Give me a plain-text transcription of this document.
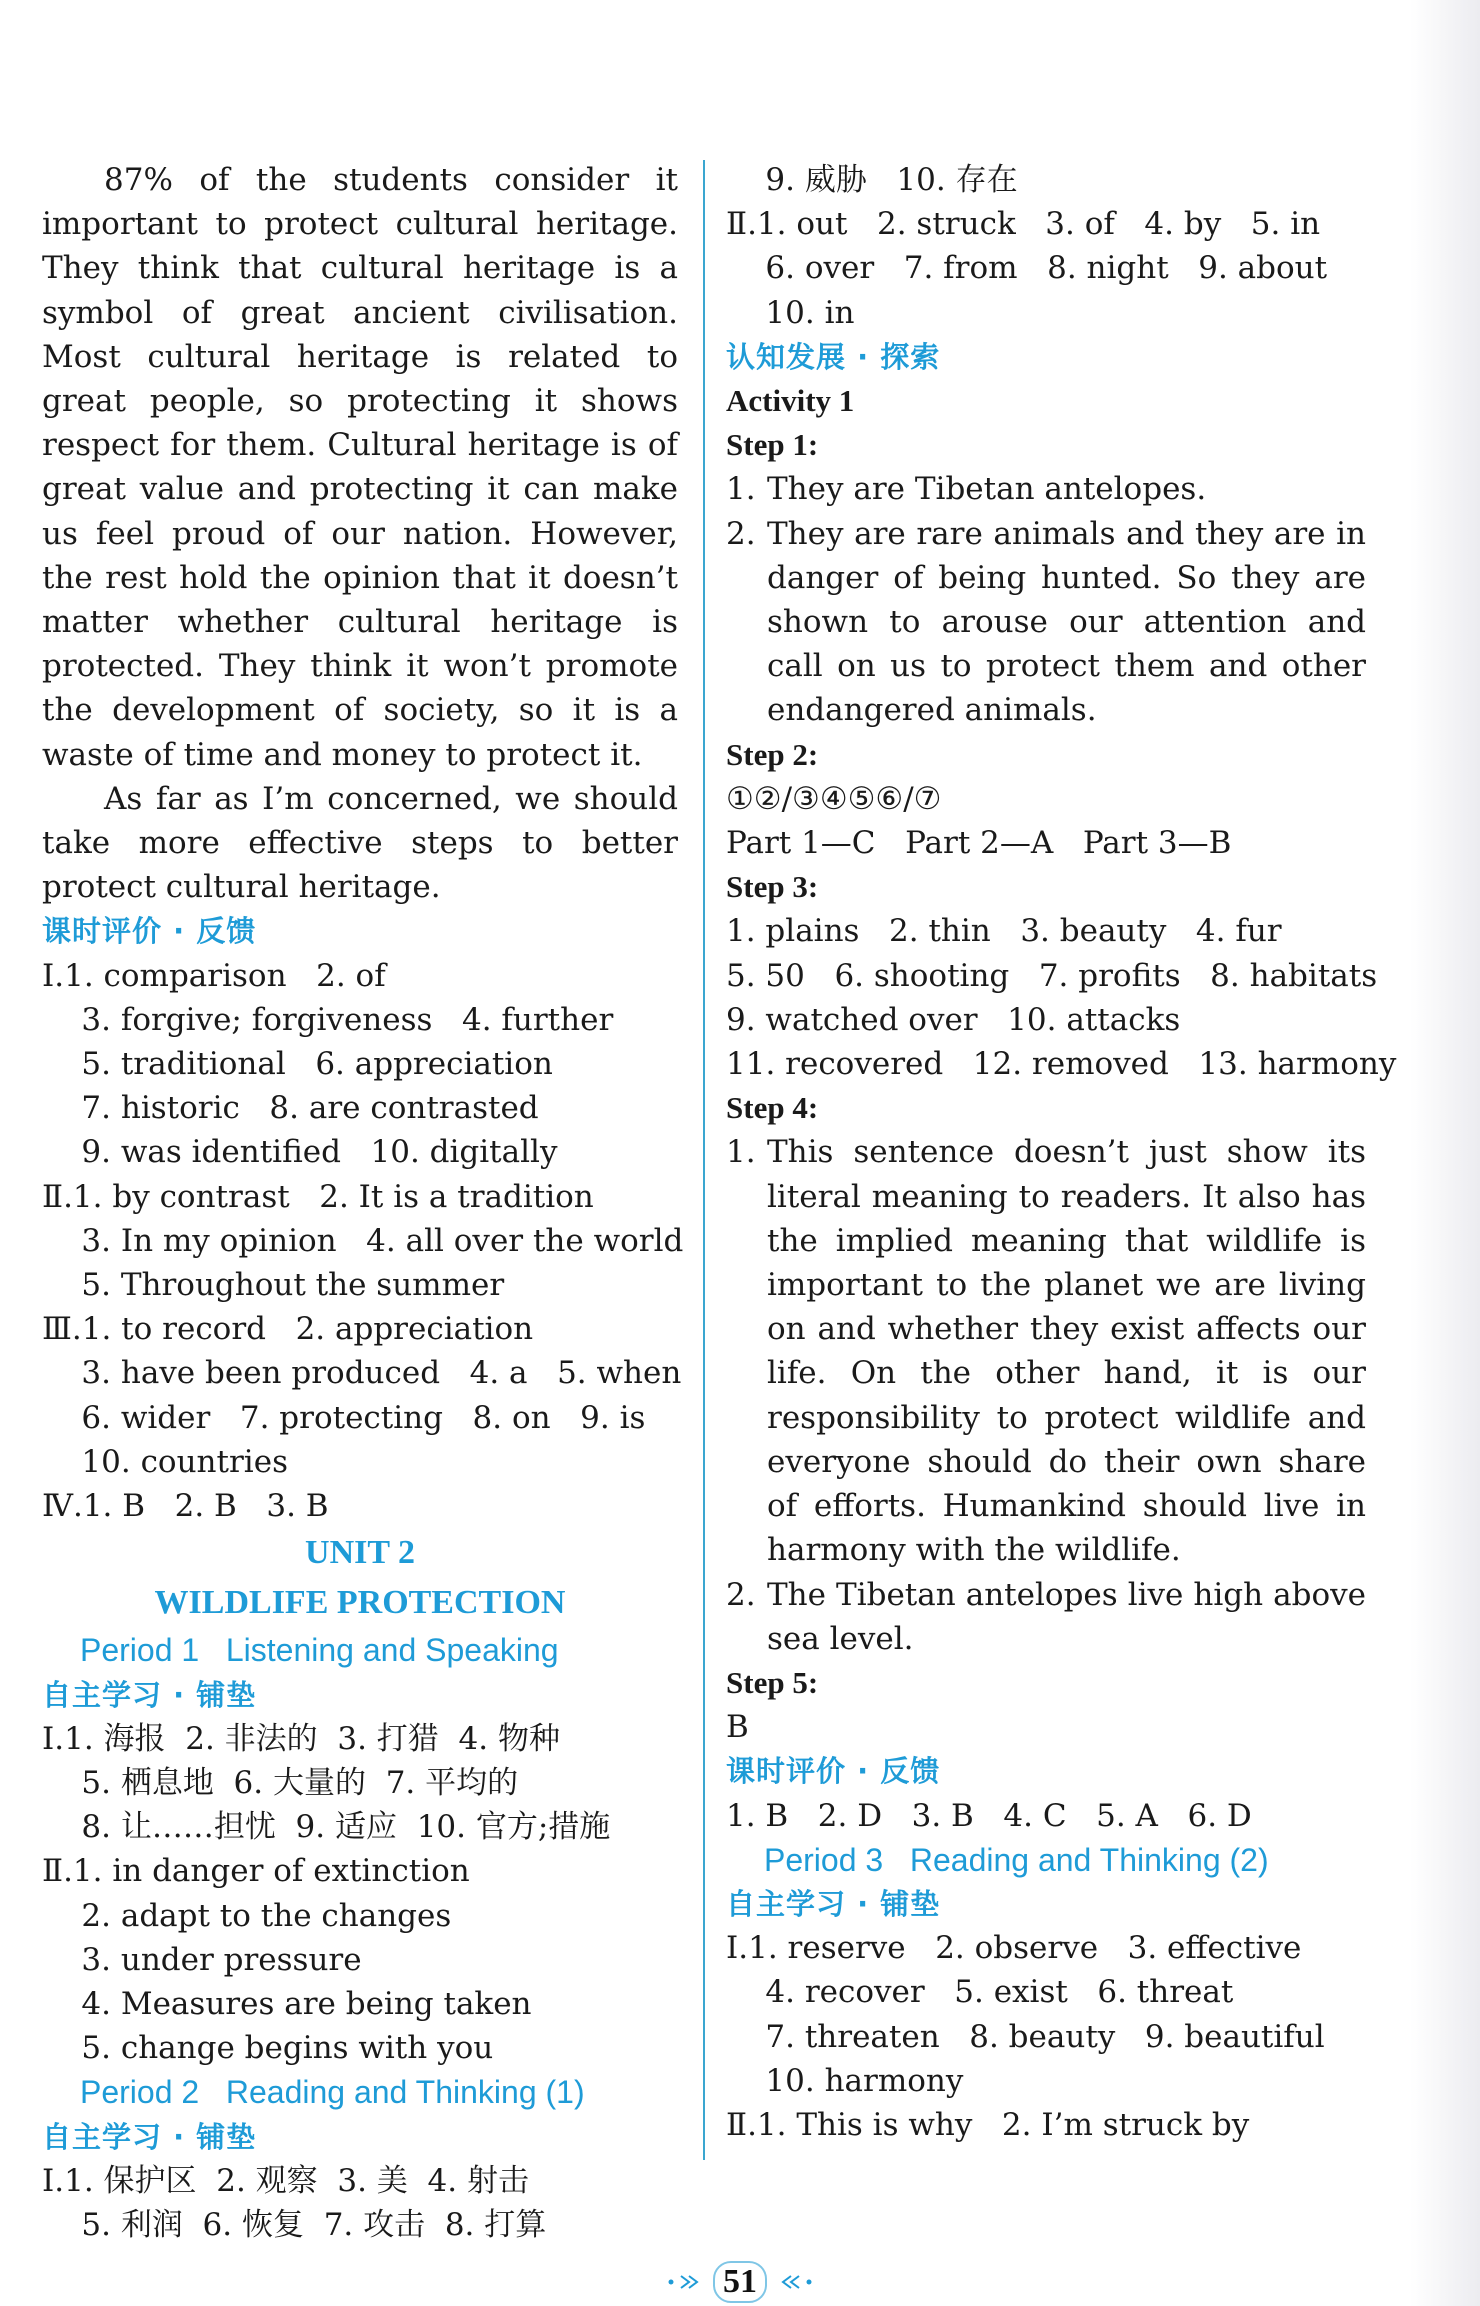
87% of the students consider it important to protect cultural heritage. They think that cultural heritage is a symbol of great ancient civilisation. Most cultural heritage is related to great people, so protecting it shows respect for them. Cultural heritage is of great value and protecting it can make us feel proud of our nation. However, the rest hold the opinion that it doesn’t matter whether cultural heritage is protected. They think it won’t promote the development of society, so it is a waste of time and money to protect it.

As far as I’m concerned, we should take more effective steps to better protect cultural heritage.

课时评价 · 反馈

Ⅰ.1. comparison   2. of
3. forgive; forgiveness   4. further
5. traditional   6. appreciation
7. historic   8. are contrasted
9. was identified   10. digitally
Ⅱ.1. by contrast   2. It is a tradition
3. In my opinion   4. all over the world
5. Throughout the summer
Ⅲ.1. to record   2. appreciation
3. have been produced   4. a   5. when
6. wider   7. protecting   8. on   9. is
10. countries
Ⅳ.1. B   2. B   3. B
UNIT 2
WILDLIFE PROTECTION
Period 1   Listening and Speaking

自主学习 · 铺垫

Ⅰ.1. 海报  2. 非法的  3. 打猎  4. 物种
5. 栖息地  6. 大量的  7. 平均的
8. 让……担忧  9. 适应  10. 官方;措施
Ⅱ.1. in danger of extinction
2. adapt to the changes
3. under pressure
4. Measures are being taken
5. change begins with you
Period 2   Reading and Thinking (1)

自主学习 · 铺垫

Ⅰ.1. 保护区  2. 观察  3. 美  4. 射击
5. 利润  6. 恢复  7. 攻击  8. 打算
9. 威胁   10. 存在
Ⅱ.1. out   2. struck   3. of   4. by   5. in
6. over   7. from   8. night   9. about
10. in

认知发展 · 探索

Activity 1

Step 1:

1. They are Tibetan antelopes.
2. They are rare animals and they are in danger of being hunted. So they are shown to arouse our attention and call on us to protect them and other endangered animals.

Step 2:

①②/③④⑤⑥/⑦
Part 1—C   Part 2—A   Part 3—B

Step 3:

1. plains   2. thin   3. beauty   4. fur
5. 50   6. shooting   7. profits   8. habitats
9. watched over   10. attacks
11. recovered   12. removed   13. harmony

Step 4:

1. This sentence doesn’t just show its literal meaning to readers. It also has the implied meaning that wildlife is important to the planet we are living on and whether they exist affects our life. On the other hand, it is our responsibility to protect wildlife and everyone should do their own share of efforts. Humankind should live in harmony with the wildlife.
2. The Tibetan antelopes live high above sea level.

Step 5:

B

课时评价 · 反馈

1. B   2. D   3. B   4. C   5. A   6. D
Period 3   Reading and Thinking (2)

自主学习 · 铺垫

Ⅰ.1. reserve   2. observe   3. effective
4. recover   5. exist   6. threat
7. threaten   8. beauty   9. beautiful
10. harmony
Ⅱ.1. This is why   2. I’m struck by
51
